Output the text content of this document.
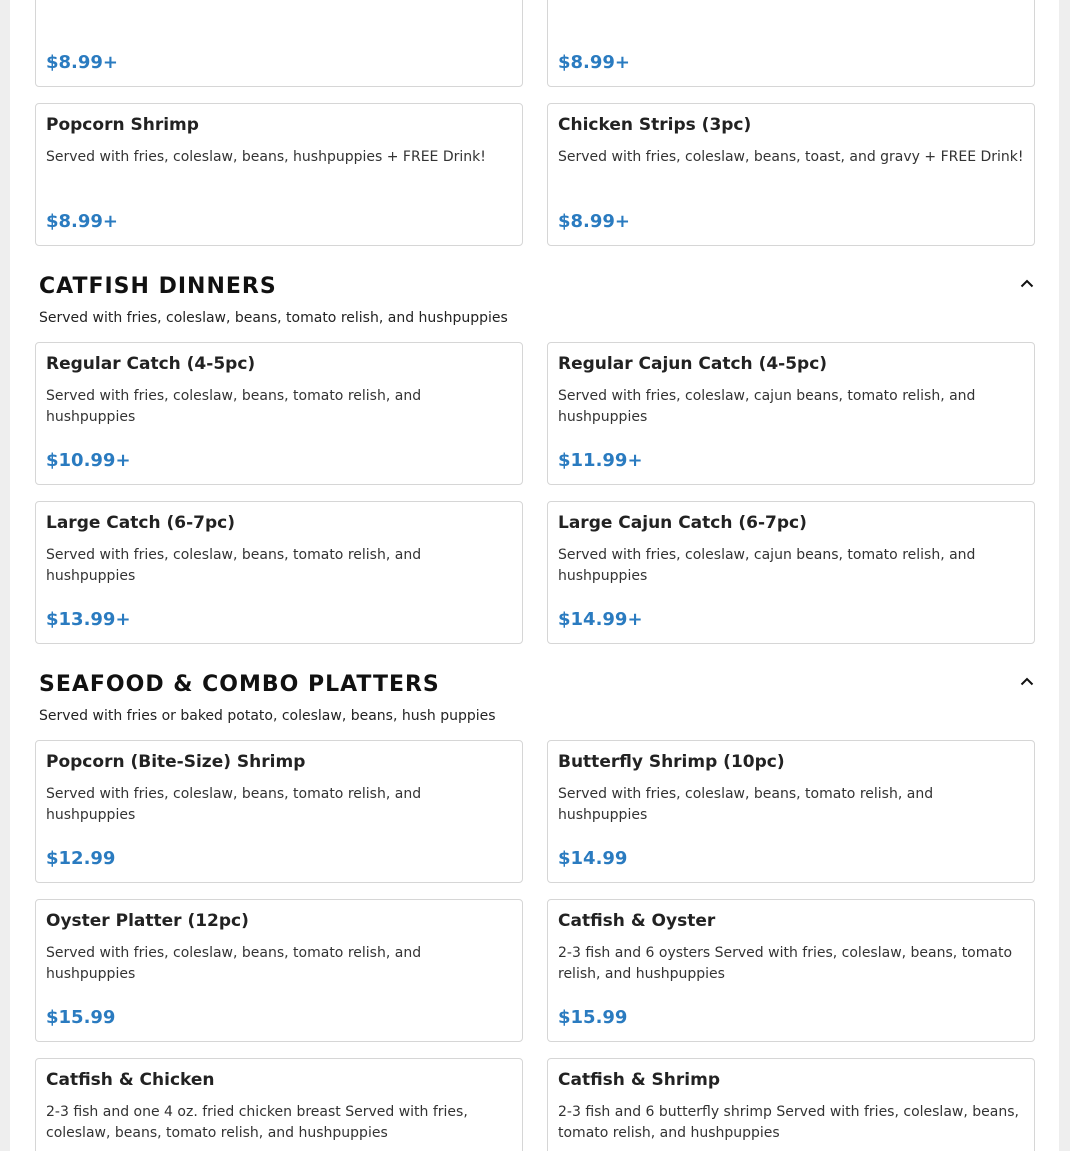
$8.99+	$8.99+
Popcorn Shrimp
Served with fries, coleslaw, beans, hushpuppies + FREE Drink!
$8.99+
Chicken Strips (3pc)
Served with fries, coleslaw, beans, toast, and gravy + FREE Drink!
$8.99+
CATFISH DINNERS
Served with fries, coleslaw, beans, tomato relish, and hushpuppies
Regular Catch (4-5pc)
Served with fries, coleslaw, beans, tomato relish, and hushpuppies
$10.99+
Regular Cajun Catch (4-5pc)
Served with fries, coleslaw, cajun beans, tomato relish, and hushpuppies
$11.99+
Large Catch (6-7pc)
Served with fries, coleslaw, beans, tomato relish, and hushpuppies
$13.99+
Large Cajun Catch (6-7pc)
Served with fries, coleslaw, cajun beans, tomato relish, and hushpuppies
$14.99+
SEAFOOD & COMBO PLATTERS
Served with fries or baked potato, coleslaw, beans, hush puppies
Popcorn (Bite-Size) Shrimp
Served with fries, coleslaw, beans, tomato relish, and hushpuppies
$12.99
Butterfly Shrimp (10pc)
Served with fries, coleslaw, beans, tomato relish, and hushpuppies
$14.99
Oyster Platter (12pc)
Served with fries, coleslaw, beans, tomato relish, and hushpuppies
$15.99
Catfish & Oyster
2-3 fish and 6 oysters Served with fries, coleslaw, beans, tomato relish, and hushpuppies
$15.99
Catfish & Chicken
2-3 fish and one 4 oz. fried chicken breast Served with fries, coleslaw, beans, tomato relish, and hushpuppies
Catfish & Shrimp
2-3 fish and 6 butterfly shrimp Served with fries, coleslaw, beans, tomato relish, and hushpuppies
